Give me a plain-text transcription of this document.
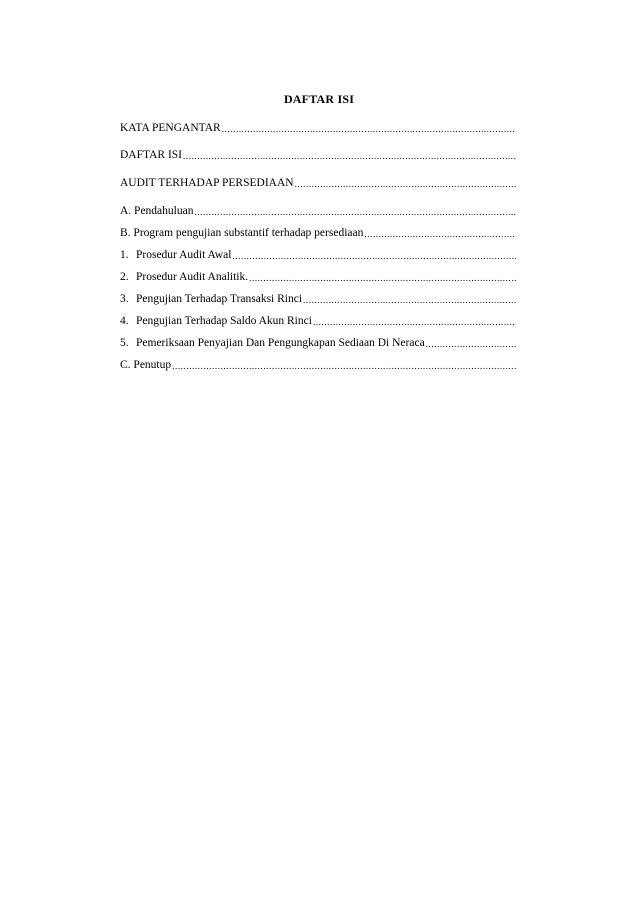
DAFTAR ISI
KATA PENGANTAR
.....
DAFTAR ISI
.....
AUDIT TERHADAP PERSEDIAAN
.....
A. Pendahuluan
.....
B. Program pengujian substantif terhadap persediaan
.....
1. Prosedur Audit Awal
.....
2. Prosedur Audit Analitik.
.....
3. Pengujian Terhadap Transaksi Rinci
.....
4. Pengujian Terhadap Saldo Akun Rinci
.....
5. Pemeriksaan Penyajian Dan Pengungkapan Sediaan Di Neraca
.....
C. Penutup
.....
